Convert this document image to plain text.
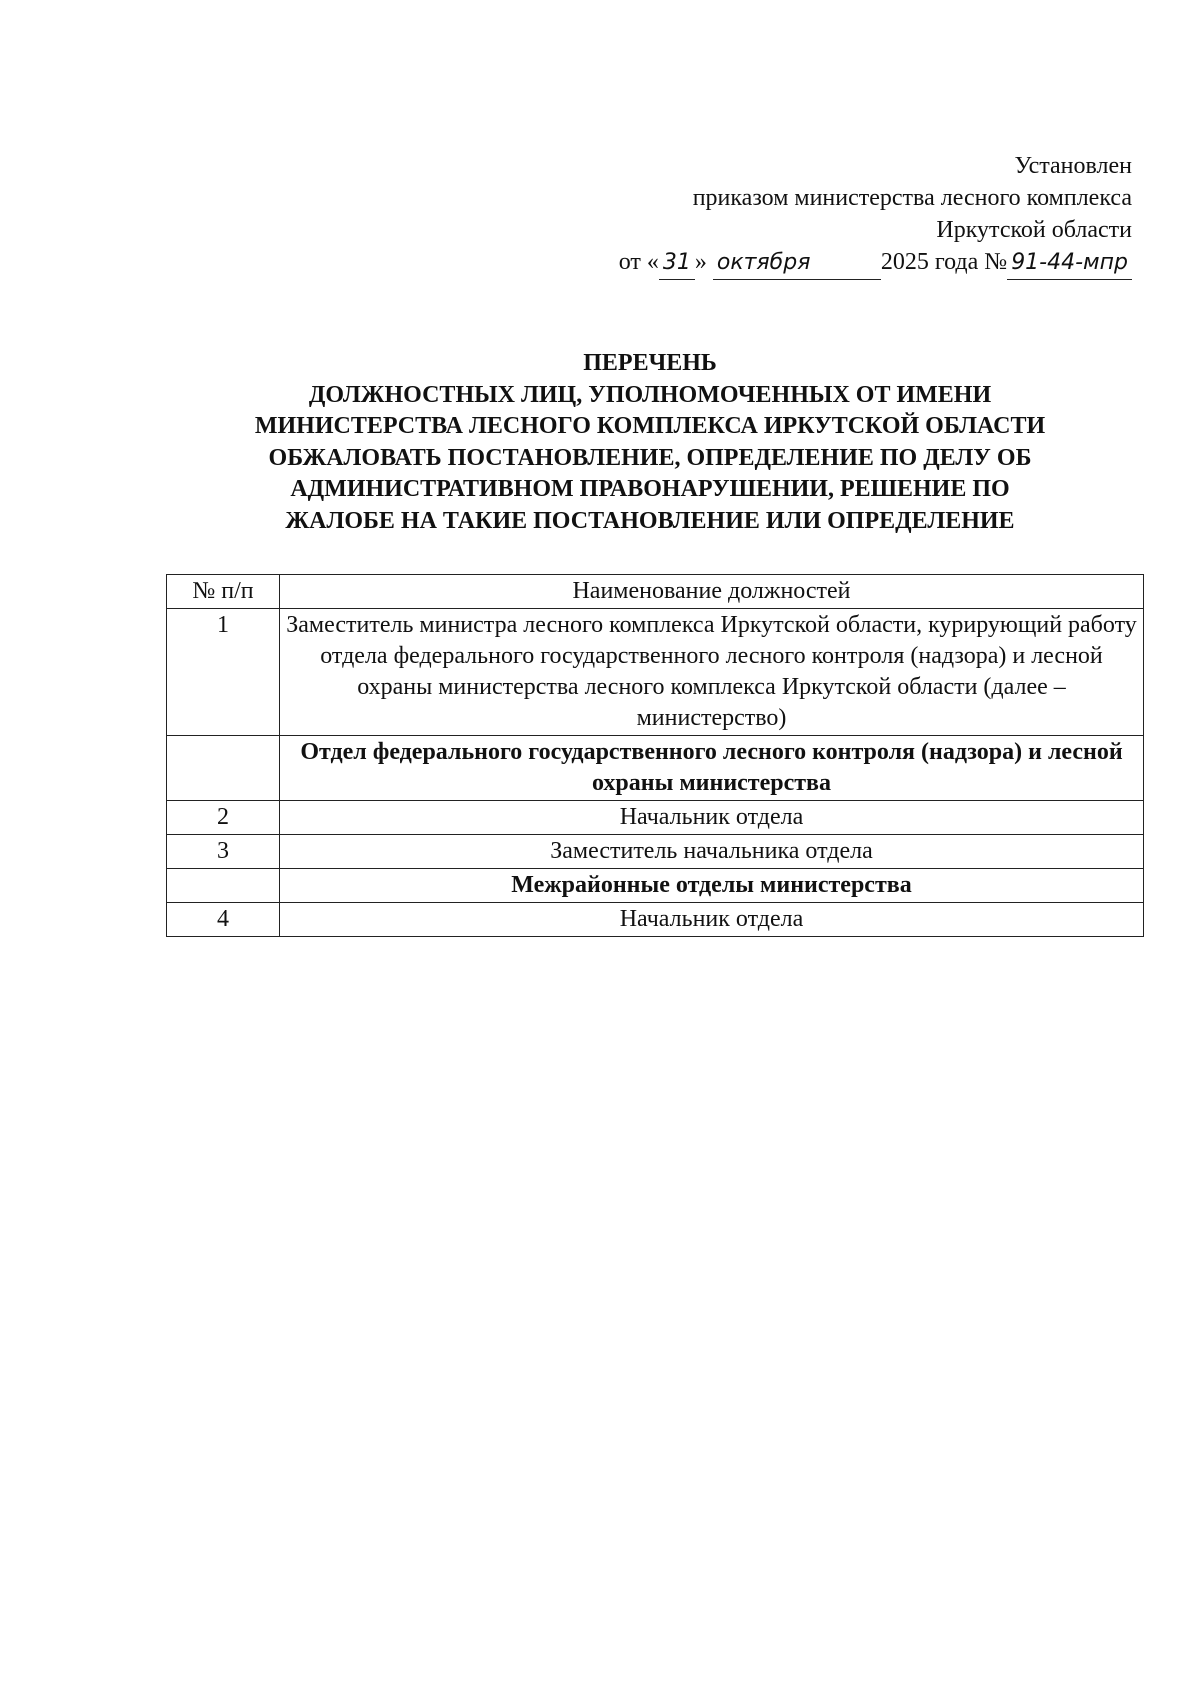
Установлен
приказом министерства лесного комплекса
Иркутской области
от « 31 » октября	2025 года № 91-44-мпр
ПЕРЕЧЕНЬ
ДОЛЖНОСТНЫХ ЛИЦ, УПОЛНОМОЧЕННЫХ ОТ ИМЕНИ
МИНИСТЕРСТВА ЛЕСНОГО КОМПЛЕКСА ИРКУТСКОЙ ОБЛАСТИ
ОБЖАЛОВАТЬ ПОСТАНОВЛЕНИЕ, ОПРЕДЕЛЕНИЕ ПО ДЕЛУ ОБ
АДМИНИСТРАТИВНОМ ПРАВОНАРУШЕНИИ, РЕШЕНИЕ ПО
ЖАЛОБЕ НА ТАКИЕ ПОСТАНОВЛЕНИЕ ИЛИ ОПРЕДЕЛЕНИЕ
№ п/п	Наименование должностей
1	Заместитель министра лесного комплекса Иркутской области, курирующий работу отдела федерального государственного лесного контроля (надзора) и лесной охраны министерства лесного комплекса Иркутской области (далее – министерство)
	Отдел федерального государственного лесного контроля (надзора) и лесной охраны министерства
2	Начальник отдела
3	Заместитель начальника отдела
	Межрайонные отделы министерства
4	Начальник отдела
